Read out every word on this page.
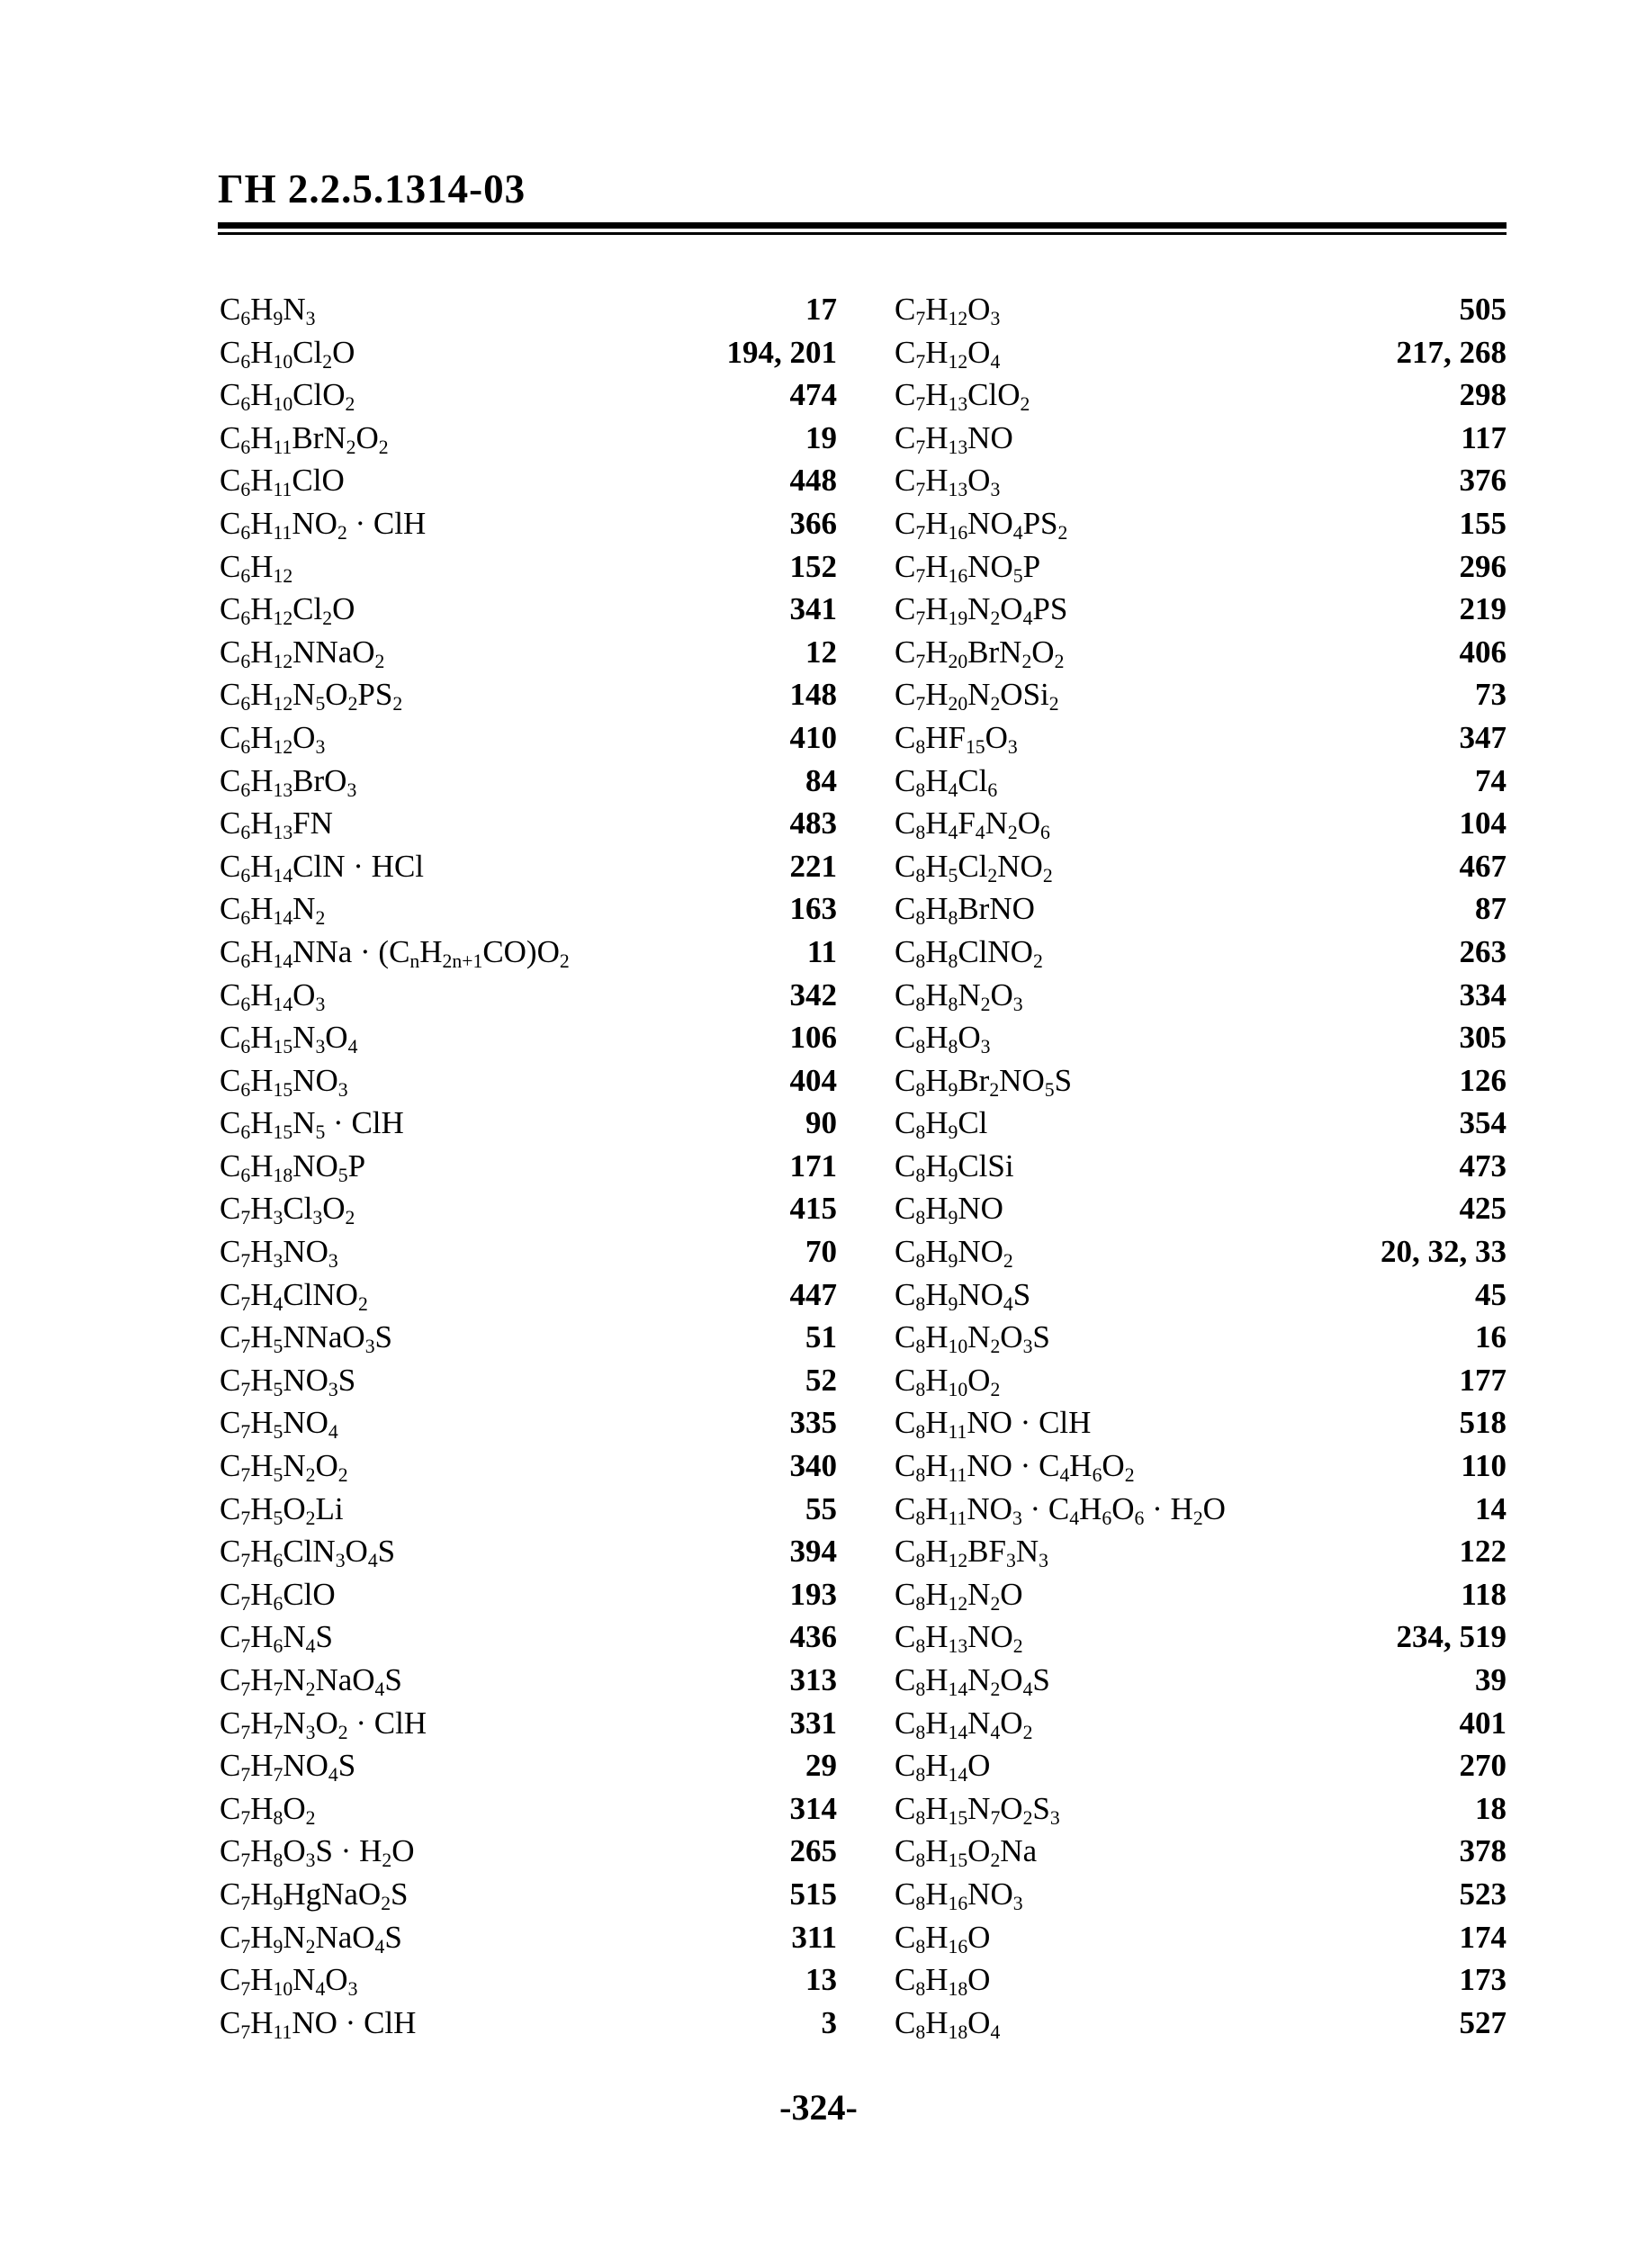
ГН 2.2.5.1314-03
$C_6H_9N_3$	17
$C_6H_{10}Cl_2O$	194, 201
$C_6H_{10}ClO_2$	474
$C_6H_{11}BrN_2O_2$	19
$C_6H_{11}ClO$	448
$C_6H_{11}NO_2$ · ClH	366
$C_6H_{12}$	152
$C_6H_{12}Cl_2O$	341
$C_6H_{12}NNaO_2$	12
$C_6H_{12}N_5O_2PS_2$	148
$C_6H_{12}O_3$	410
$C_6H_{13}BrO_3$	84
$C_6H_{13}FN$	483
$C_6H_{14}ClN$ · HCl	221
$C_6H_{14}N_2$	163
$C_6H_{14}NNa \cdot (C_nH_{2n+1}CO)O_2$	11
$C_6H_{14}O_3$	342
$C_6H_{15}N_3O_4$	106
$C_6H_{15}NO_3$	404
$C_6H_{15}N_5$ · ClH	90
$C_6H_{18}NO_5P$	171
$C_7H_3Cl_3O_2$	415
$C_7H_3NO_3$	70
$C_7H_4ClNO_2$	447
$C_7H_5NNaO_3S$	51
$C_7H_5NO_3S$	52
$C_7H_5NO_4$	335
$C_7H_5N_2O_2$	340
$C_7H_5O_2Li$	55
$C_7H_6ClN_3O_4S$	394
$C_7H_6ClO$	193
$C_7H_6N_4S$	436
$C_7H_7N_2NaO_4S$	313
$C_7H_7N_3O_2$ · ClH	331
$C_7H_7NO_4S$	29
$C_7H_8O_2$	314
$C_7H_8O_3S \cdot H_2O$	265
$C_7H_9HgNaO_2S$	515
$C_7H_9N_2NaO_4S$	311
$C_7H_{10}N_4O_3$	13
$C_7H_{11}NO$ · ClH	3
$C_7H_{12}O_3$	505
$C_7H_{12}O_4$	217, 268
$C_7H_{13}ClO_2$	298
$C_7H_{13}NO$	117
$C_7H_{13}O_3$	376
$C_7H_{16}NO_4PS_2$	155
$C_7H_{16}NO_5P$	296
$C_7H_{19}N_2O_4PS$	219
$C_7H_{20}BrN_2O_2$	406
$C_7H_{20}N_2OSi_2$	73
$C_8HF_{15}O_3$	347
$C_8H_4Cl_6$	74
$C_8H_4F_4N_2O_6$	104
$C_8H_5Cl_2NO_2$	467
$C_8H_8BrNO$	87
$C_8H_8ClNO_2$	263
$C_8H_8N_2O_3$	334
$C_8H_8O_3$	305
$C_8H_9Br_2NO_5S$	126
$C_8H_9Cl$	354
$C_8H_9ClSi$	473
$C_8H_9NO$	425
$C_8H_9NO_2$	20, 32, 33
$C_8H_9NO_4S$	45
$C_8H_{10}N_2O_3S$	16
$C_8H_{10}O_2$	177
$C_8H_{11}NO$ · ClH	518
$C_8H_{11}NO \cdot C_4H_6O_2$	110
$C_8H_{11}NO_3 \cdot C_4H_6O_6 \cdot H_2O$	14
$C_8H_{12}BF_3N_3$	122
$C_8H_{12}N_2O$	118
$C_8H_{13}NO_2$	234, 519
$C_8H_{14}N_2O_4S$	39
$C_8H_{14}N_4O_2$	401
$C_8H_{14}O$	270
$C_8H_{15}N_7O_2S_3$	18
$C_8H_{15}O_2Na$	378
$C_8H_{16}NO_3$	523
$C_8H_{16}O$	174
$C_8H_{18}O$	173
$C_8H_{18}O_4$	527
-324-
